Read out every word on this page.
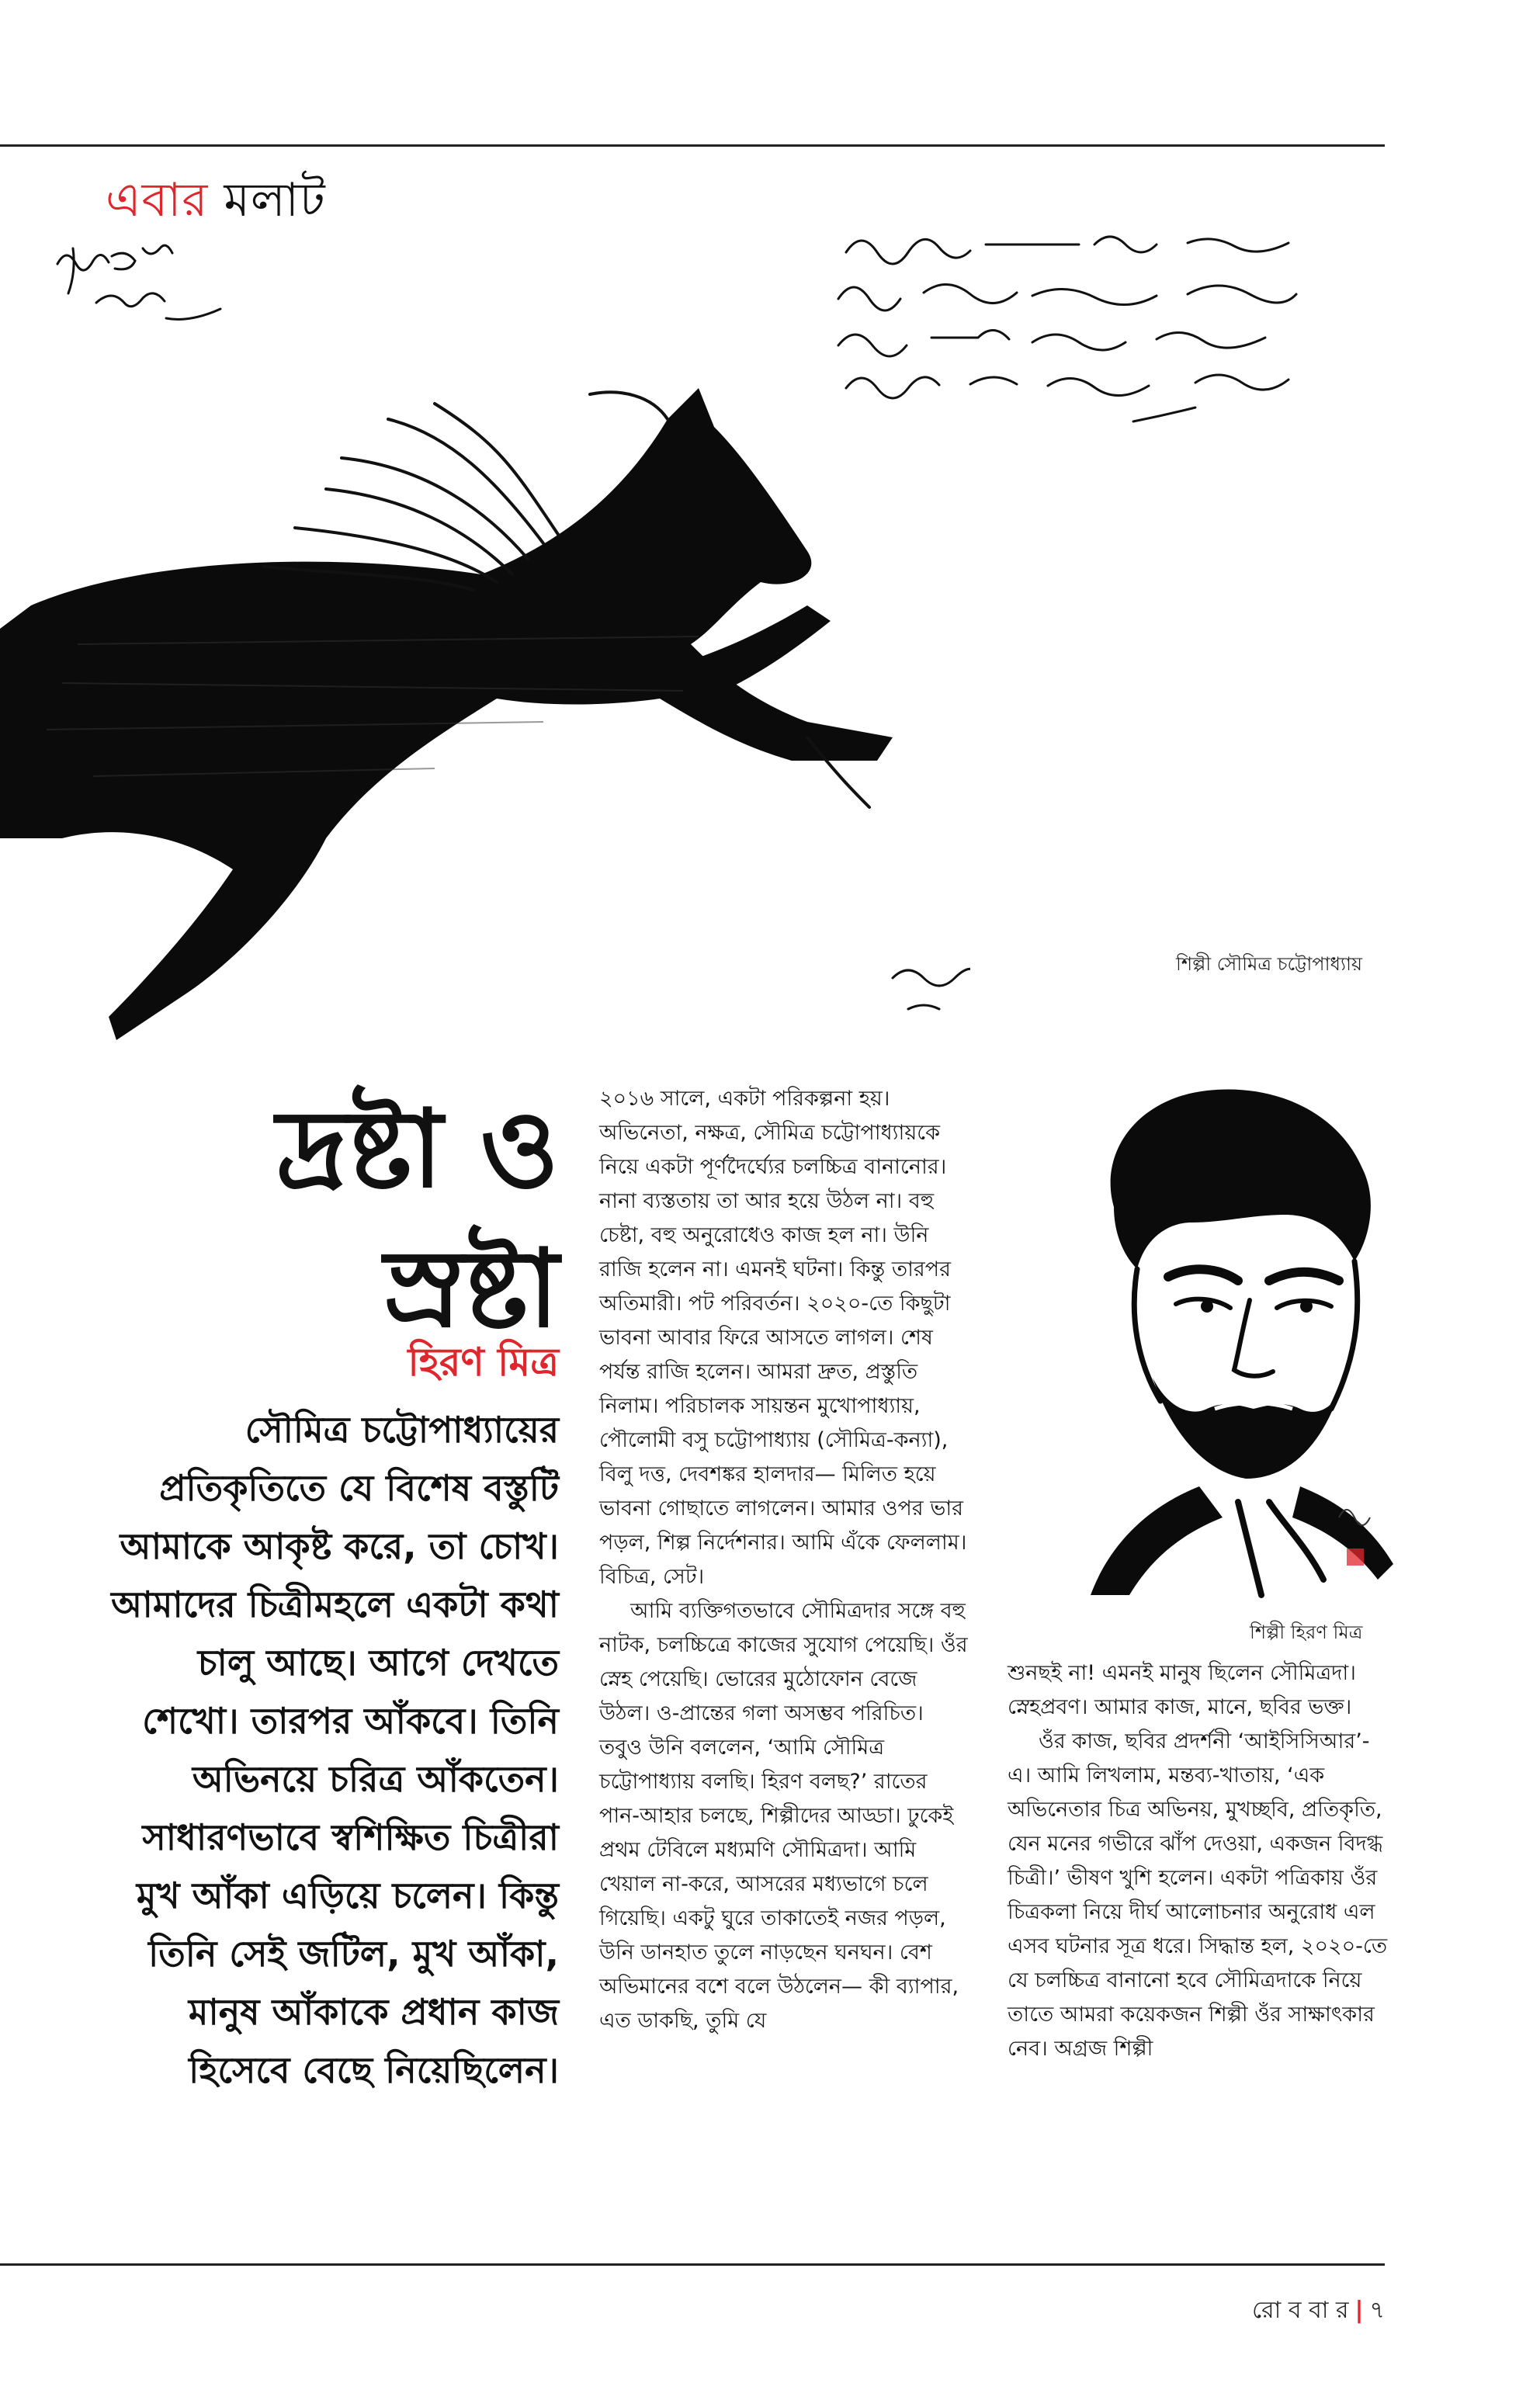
এবার মলাট
শিল্পী সৌমিত্র চট্টোপাধ্যায়
দ্রষ্টা ও
স্রষ্টা
হিরণ মিত্র
সৌমিত্র চট্টোপাধ্যায়ের প্রতিকৃতিতে যে বিশেষ বস্তুটি আমাকে আকৃষ্ট করে, তা চোখ। আমাদের চিত্রীমহলে একটা কথা চালু আছে। আগে দেখতে শেখো। তারপর আঁকবে। তিনি অভিনয়ে চরিত্র আঁকতেন। সাধারণভাবে স্বশিক্ষিত চিত্রীরা মুখ আঁকা এড়িয়ে চলেন। কিন্তু তিনি সেই জটিল, মুখ আঁকা, মানুষ আঁকাকে প্রধান কাজ হিসেবে বেছে নিয়েছিলেন।

২০১৬ সালে, একটা পরিকল্পনা হয়। অভিনেতা, নক্ষত্র, সৌমিত্র চট্টোপাধ্যায়কে নিয়ে একটা পূর্ণদৈর্ঘ্যের চলচ্চিত্র বানানোর। নানা ব্যস্ততায় তা আর হয়ে উঠল না। বহু চেষ্টা, বহু অনুরোধেও কাজ হল না। উনি রাজি হলেন না। এমনই ঘটনা। কিন্তু তারপর অতিমারী। পট পরিবর্তন। ২০২০-তে কিছুটা ভাবনা আবার ফিরে আসতে লাগল। শেষ পর্যন্ত রাজি হলেন। আমরা দ্রুত, প্রস্তুতি নিলাম। পরিচালক সায়ন্তন মুখোপাধ্যায়, পৌলোমী বসু চট্টোপাধ্যায় (সৌমিত্র-কন্যা), বিলু দত্ত, দেবশঙ্কর হালদার— মিলিত হয়ে ভাবনা গোছাতে লাগলেন। আমার ওপর ভার পড়ল, শিল্প নির্দেশনার। আমি এঁকে ফেললাম। বিচিত্র, সেট।

আমি ব্যক্তিগতভাবে সৌমিত্রদার সঙ্গে বহু নাটক, চলচ্চিত্রে কাজের সুযোগ পেয়েছি। ওঁর স্নেহ পেয়েছি। ভোরের মুঠোফোন বেজে উঠল। ও-প্রান্তের গলা অসম্ভব পরিচিত। তবুও উনি বললেন, ‘আমি সৌমিত্র চট্টোপাধ্যায় বলছি। হিরণ বলছ?’ রাতের পান-আহার চলছে, শিল্পীদের আড্ডা। ঢুকেই প্রথম টেবিলে মধ্যমণি সৌমিত্রদা। আমি খেয়াল না-করে, আসরের মধ্যভাগে চলে গিয়েছি। একটু ঘুরে তাকাতেই নজর পড়ল, উনি ডানহাত তুলে নাড়ছেন ঘনঘন। বেশ অভিমানের বশে বলে উঠলেন— কী ব্যাপার, এত ডাকছি, তুমি যে

শিল্পী হিরণ মিত্র

শুনছই না! এমনই মানুষ ছিলেন সৌমিত্রদা। স্নেহপ্রবণ। আমার কাজ, মানে, ছবির ভক্ত।

ওঁর কাজ, ছবির প্রদর্শনী ‘আইসিসিআর’-এ। আমি লিখলাম, মন্তব্য-খাতায়, ‘এক অভিনেতার চিত্র অভিনয়, মুখচ্ছবি, প্রতিকৃতি, যেন মনের গভীরে ঝাঁপ দেওয়া, একজন বিদগ্ধ চিত্রী।’ ভীষণ খুশি হলেন। একটা পত্রিকায় ওঁর চিত্রকলা নিয়ে দীর্ঘ আলোচনার অনুরোধ এল এসব ঘটনার সূত্র ধরে। সিদ্ধান্ত হল, ২০২০-তে যে চলচ্চিত্র বানানো হবে সৌমিত্রদাকে নিয়ে তাতে আমরা কয়েকজন শিল্পী ওঁর সাক্ষাৎকার নেব। অগ্রজ শিল্পী

রো ব বা র | ৭
